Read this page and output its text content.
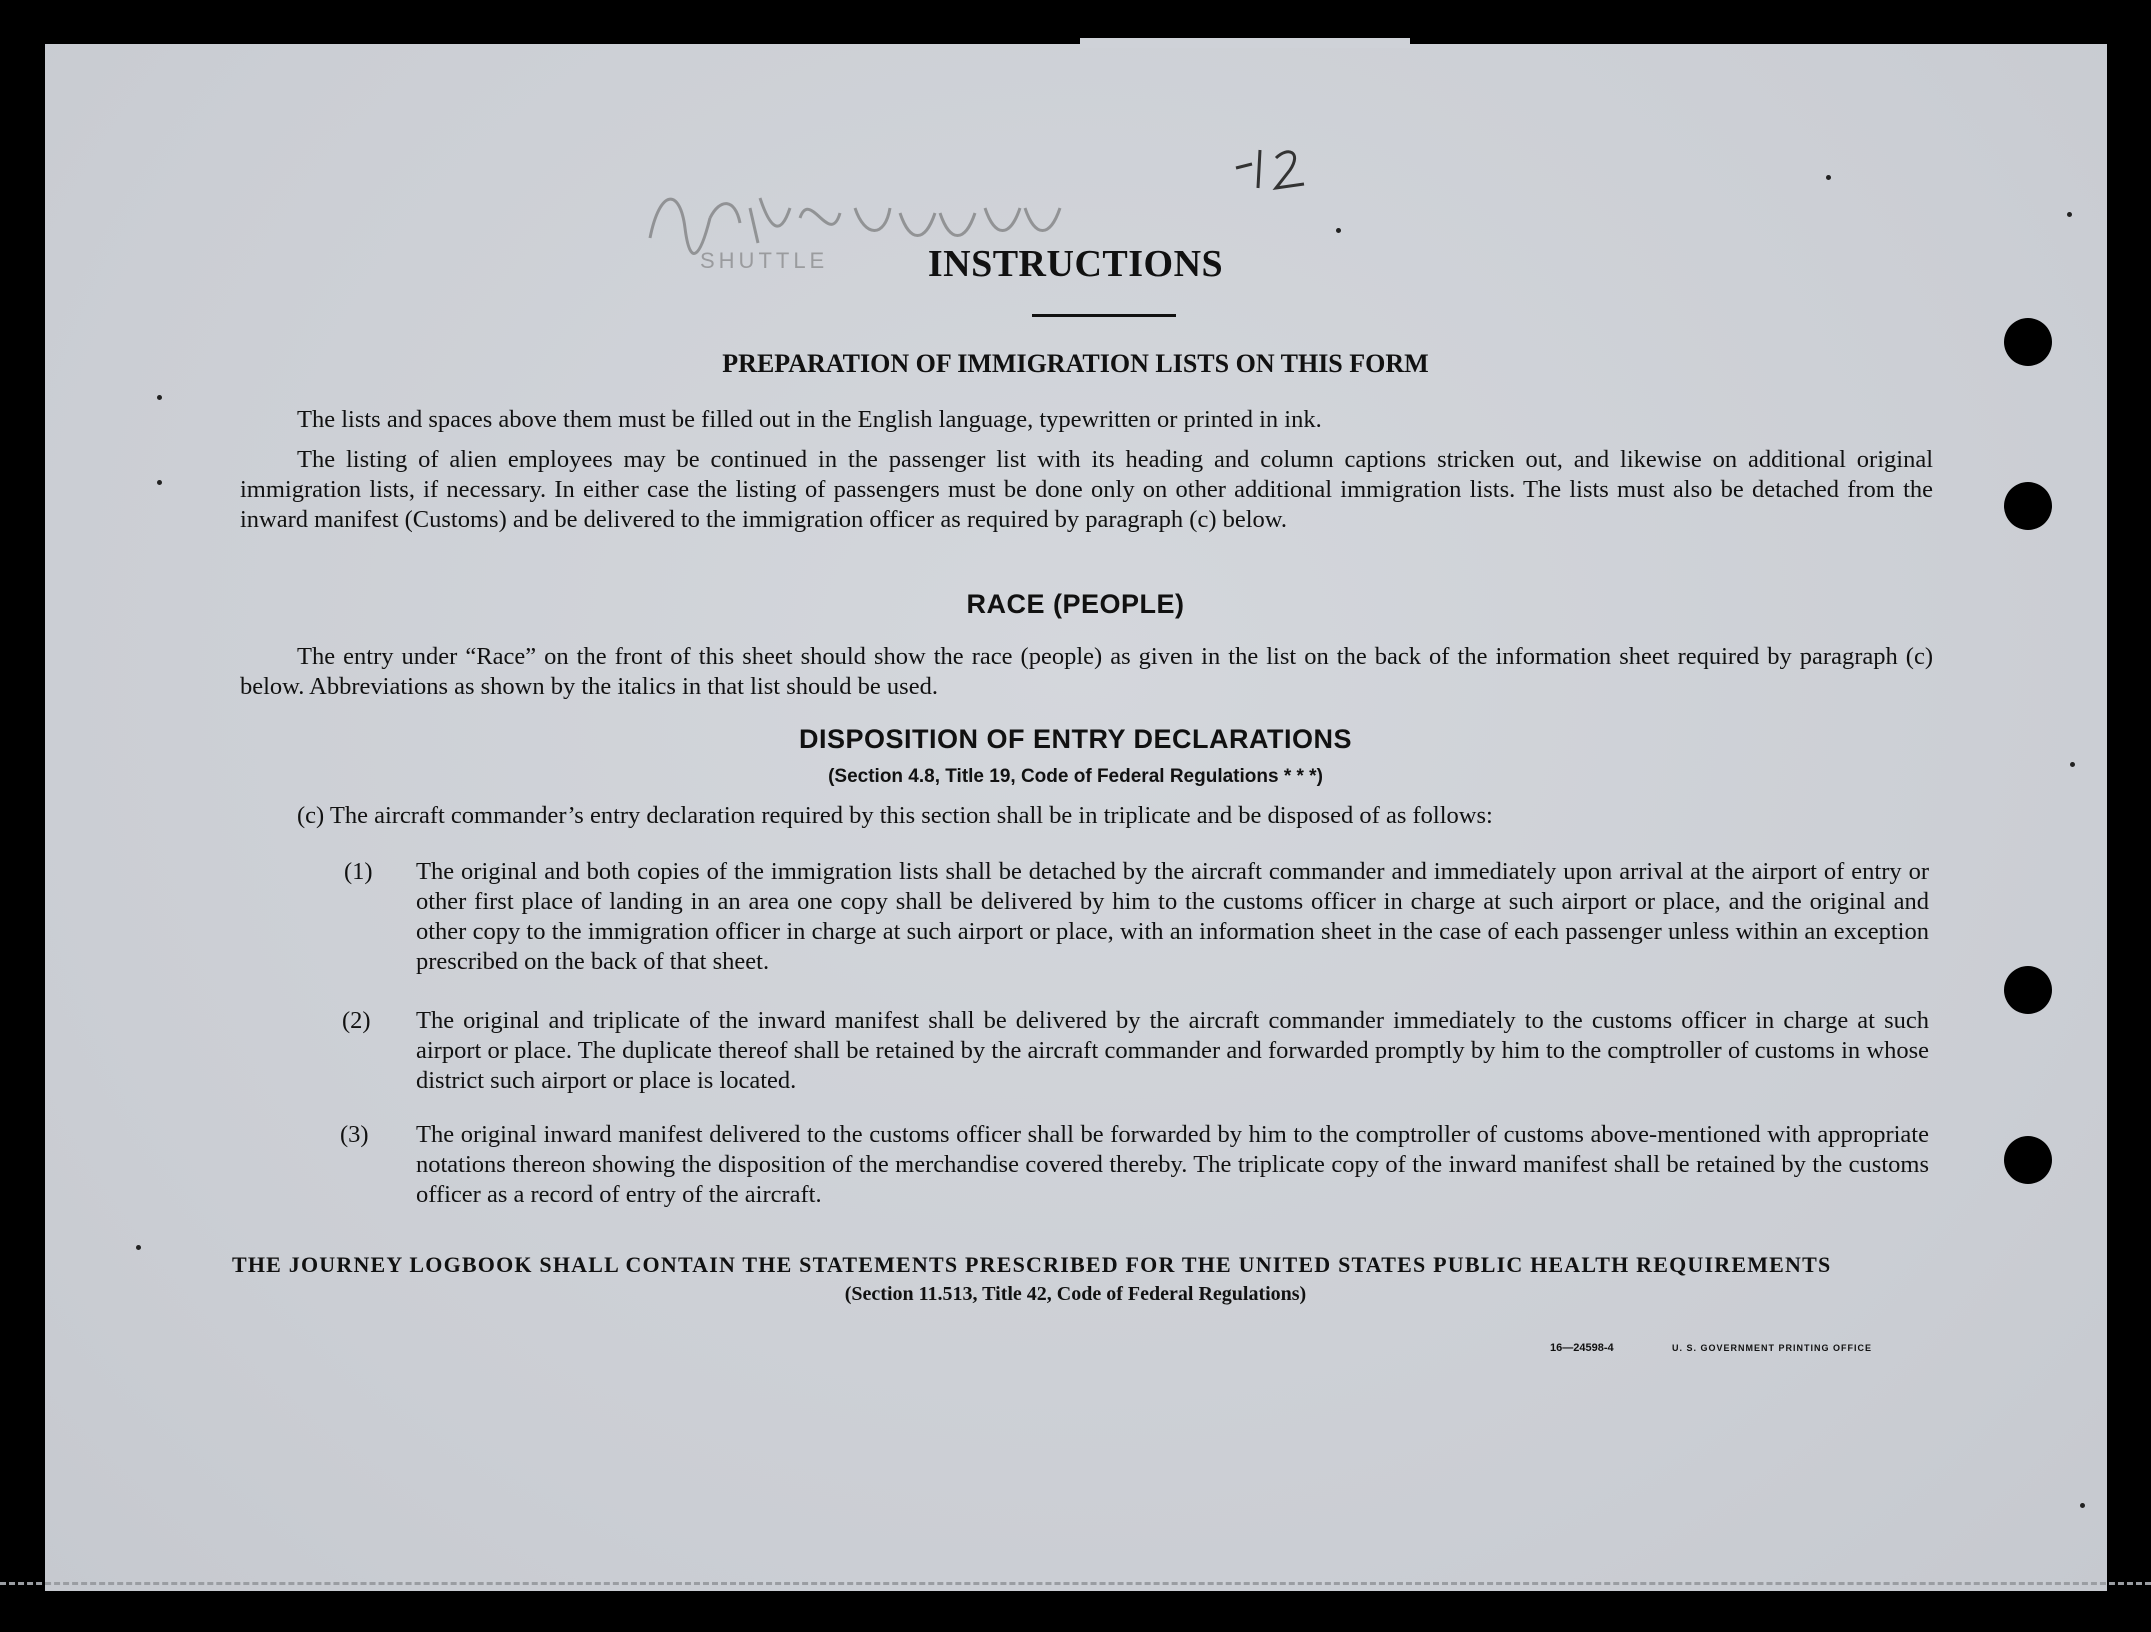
SHUTTLE	INSTRUCTIONS
PREPARATION OF IMMIGRATION LISTS ON THIS FORM

The lists and spaces above them must be filled out in the English language, typewritten or printed in ink.

The listing of alien employees may be continued in the passenger list with its heading and column captions stricken out, and likewise on additional original immigration lists, if necessary. In either case the listing of passengers must be done only on other additional immigration lists. The lists must also be detached from the inward manifest (Customs) and be delivered to the immigration officer as required by paragraph (c) below.

RACE (PEOPLE)

The entry under “Race” on the front of this sheet should show the race (people) as given in the list on the back of the information sheet required by paragraph (c) below. Abbreviations as shown by the italics in that list should be used.

DISPOSITION OF ENTRY DECLARATIONS
(Section 4.8, Title 19, Code of Federal Regulations * * *)

(c) The aircraft commander’s entry declaration required by this section shall be in triplicate and be disposed of as follows:

(1) The original and both copies of the immigration lists shall be detached by the aircraft commander and immediately upon arrival at the airport of entry or other first place of landing in an area one copy shall be delivered by him to the customs officer in charge at such airport or place, and the original and other copy to the immigration officer in charge at such airport or place, with an information sheet in the case of each passenger unless within an exception prescribed on the back of that sheet.

(2) The original and triplicate of the inward manifest shall be delivered by the aircraft commander immediately to the customs officer in charge at such airport or place. The duplicate thereof shall be retained by the aircraft commander and forwarded promptly by him to the comptroller of customs in whose district such airport or place is located.

(3) The original inward manifest delivered to the customs officer shall be forwarded by him to the comptroller of customs above-mentioned with appropriate notations thereon showing the disposition of the merchandise covered thereby. The triplicate copy of the inward manifest shall be retained by the customs officer as a record of entry of the aircraft.

THE JOURNEY LOGBOOK SHALL CONTAIN THE STATEMENTS PRESCRIBED FOR THE UNITED STATES PUBLIC HEALTH REQUIREMENTS
(Section 11.513, Title 42, Code of Federal Regulations)
16—24598-4	U. S. GOVERNMENT PRINTING OFFICE
